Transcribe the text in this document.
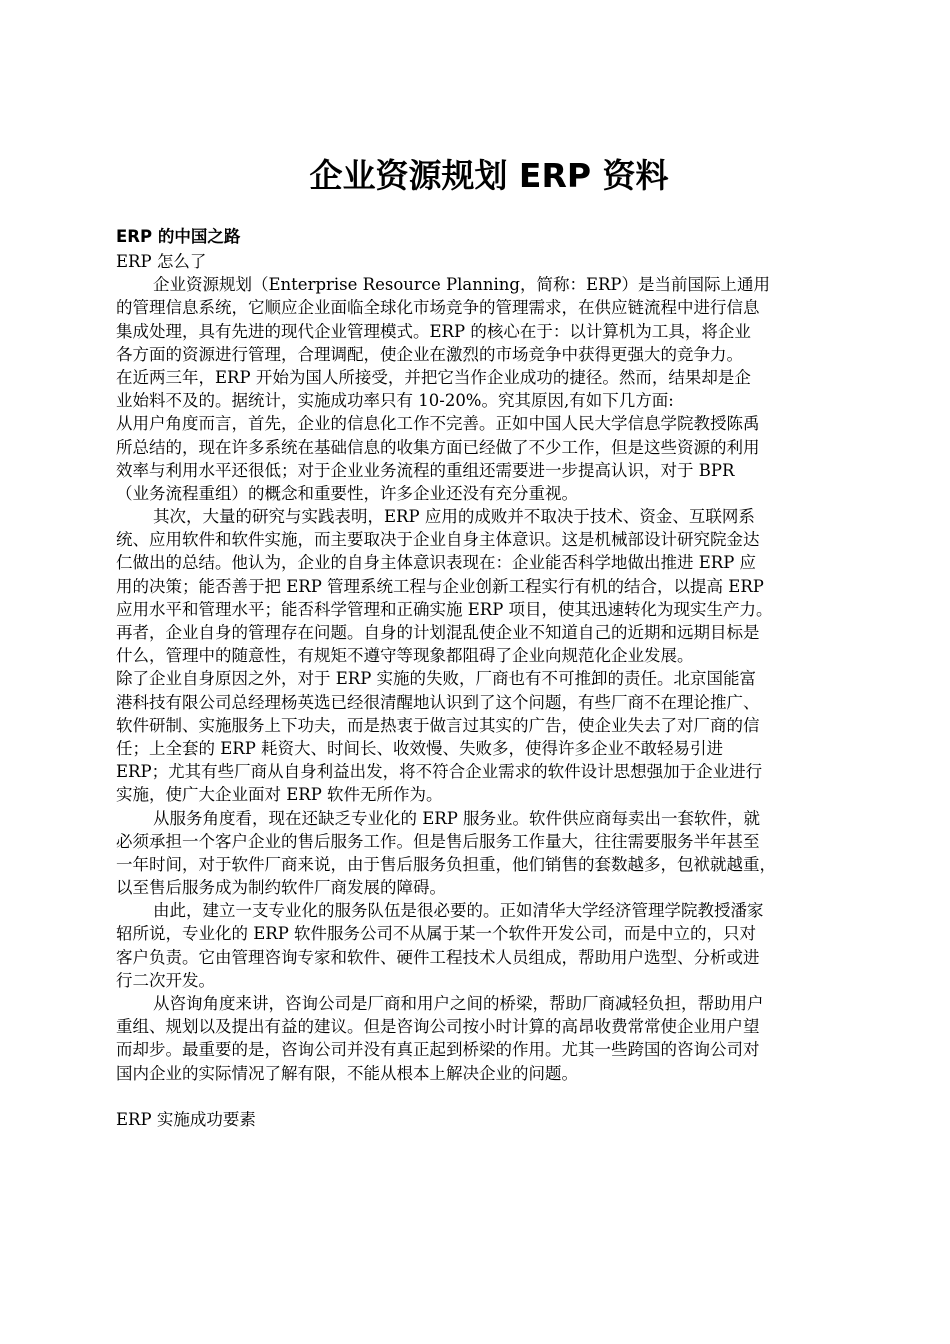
企业资源规划 ERP 资料
ERP 的中国之路
ERP 怎么了
企业资源规划（Enterprise Resource Planning，简称：ERP）是当前国际上通用
的管理信息系统，它顺应企业面临全球化市场竞争的管理需求，在供应链流程中进行信息
集成处理，具有先进的现代企业管理模式。ERP 的核心在于：以计算机为工具，将企业
各方面的资源进行管理，合理调配，使企业在激烈的市场竞争中获得更强大的竞争力。
在近两三年，ERP 开始为国人所接受，并把它当作企业成功的捷径。然而，结果却是企
业始料不及的。据统计，实施成功率只有 10-20%。究其原因,有如下几方面:
从用户角度而言，首先，企业的信息化工作不完善。正如中国人民大学信息学院教授陈禹
所总结的，现在许多系统在基础信息的收集方面已经做了不少工作，但是这些资源的利用
效率与利用水平还很低；对于企业业务流程的重组还需要进一步提高认识，对于 BPR
（业务流程重组）的概念和重要性，许多企业还没有充分重视。
其次，大量的研究与实践表明，ERP 应用的成败并不取决于技术、资金、互联网系
统、应用软件和软件实施，而主要取决于企业自身主体意识。这是机械部设计研究院金达
仁做出的总结。他认为，企业的自身主体意识表现在：企业能否科学地做出推进 ERP 应
用的决策；能否善于把 ERP 管理系统工程与企业创新工程实行有机的结合，以提高 ERP
应用水平和管理水平；能否科学管理和正确实施 ERP 项目，使其迅速转化为现实生产力。
再者，企业自身的管理存在问题。自身的计划混乱使企业不知道自己的近期和远期目标是
什么，管理中的随意性，有规矩不遵守等现象都阻碍了企业向规范化企业发展。
除了企业自身原因之外，对于 ERP 实施的失败，厂商也有不可推卸的责任。北京国能富
港科技有限公司总经理杨英选已经很清醒地认识到了这个问题，有些厂商不在理论推广、
软件研制、实施服务上下功夫，而是热衷于做言过其实的广告，使企业失去了对厂商的信
任；上全套的 ERP 耗资大、时间长、收效慢、失败多，使得许多企业不敢轻易引进
ERP；尤其有些厂商从自身利益出发，将不符合企业需求的软件设计思想强加于企业进行
实施，使广大企业面对 ERP 软件无所作为。
从服务角度看，现在还缺乏专业化的 ERP 服务业。软件供应商每卖出一套软件，就
必须承担一个客户企业的售后服务工作。但是售后服务工作量大，往往需要服务半年甚至
一年时间，对于软件厂商来说，由于售后服务负担重，他们销售的套数越多，包袱就越重，
以至售后服务成为制约软件厂商发展的障碍。
由此，建立一支专业化的服务队伍是很必要的。正如清华大学经济管理学院教授潘家
轺所说，专业化的 ERP 软件服务公司不从属于某一个软件开发公司，而是中立的，只对
客户负责。它由管理咨询专家和软件、硬件工程技术人员组成，帮助用户选型、分析或进
行二次开发。
从咨询角度来讲，咨询公司是厂商和用户之间的桥梁，帮助厂商减轻负担，帮助用户
重组、规划以及提出有益的建议。但是咨询公司按小时计算的高昂收费常常使企业用户望
而却步。最重要的是，咨询公司并没有真正起到桥梁的作用。尤其一些跨国的咨询公司对
国内企业的实际情况了解有限，不能从根本上解决企业的问题。
ERP 实施成功要素
